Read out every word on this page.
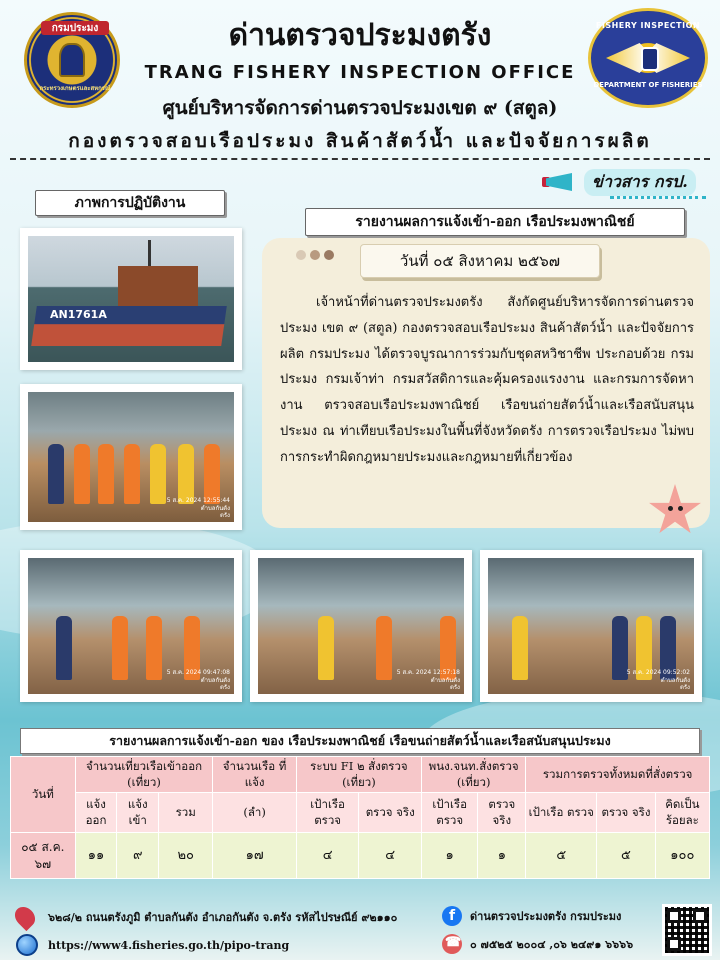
กรมประมง
กระทรวงเกษตรและสหกรณ์
ด่านตรวจประมงตรัง
TRANG FISHERY INSPECTION OFFICE
FISHERY INSPECTION
DEPARTMENT OF FISHERIES
ศูนย์บริหารจัดการด่านตรวจประมงเขต ๙ (สตูล)
กองตรวจสอบเรือประมง สินค้าสัตว์น้ำ และปัจจัยการผลิต
ข่าวสาร กรป.
ภาพการปฏิบัติงาน
รายงานผลการแจ้งเข้า-ออก เรือประมงพาณิชย์
AN1761A
5 ส.ค. 2024 12:55:44
ตำบลกันตัง
ตรัง
5 ส.ค. 2024 09:47:08
ตำบลกันตัง
ตรัง
5 ส.ค. 2024 12:57:18
ตำบลกันตัง
ตรัง
5 ส.ค. 2024 09:52:02
ตำบลกันตัง
ตรัง
วันที่ ๐๕ สิงหาคม ๒๕๖๗
เจ้าหน้าที่ด่านตรวจประมงตรัง สังกัดศูนย์บริหารจัดการด่านตรวจประมง เขต ๙ (สตูล) กองตรวจสอบเรือประมง สินค้าสัตว์น้ำ และปัจจัยการผลิต กรมประมง ได้ตรวจบูรณาการร่วมกับชุดสหวิชาชีพ ประกอบด้วย กรมประมง กรมเจ้าท่า กรมสวัสดิการและคุ้มครองแรงงาน และกรมการจัดหางาน ตรวจสอบเรือประมงพาณิชย์ เรือขนถ่ายสัตว์น้ำและเรือสนับสนุนประมง ณ ท่าเทียบเรือประมงในพื้นที่จังหวัดตรัง การตรวจเรือประมง ไม่พบการกระทำผิดกฎหมายประมงและกฎหมายที่เกี่ยวข้อง
รายงานผลการแจ้งเข้า-ออก ของ เรือประมงพาณิชย์ เรือขนถ่ายสัตว์น้ำและเรือสนับสนุนประมง
วันที่	จำนวนเที่ยวเรือเข้าออก (เที่ยว)			จำนวนเรือ ที่แจ้ง	ระบบ FI ๒ สั่งตรวจ (เที่ยว)		พนง.จนท.สั่งตรวจ (เที่ยว)		รวมการตรวจทั้งหมดที่สั่งตรวจ		
	แจ้ง ออก	แจ้ง เข้า	รวม	(ลำ)	เป้าเรือ ตรวจ	ตรวจ จริง	เป้าเรือ ตรวจ	ตรวจ จริง	เป้าเรือ ตรวจ	ตรวจ จริง	คิดเป็น ร้อยละ
๐๕ ส.ค. ๖๗	๑๑	๙	๒๐	๑๗	๔	๔	๑	๑	๕	๕	๑๐๐
๖๒๘/๒ ถนนตรังภูมิ ตำบลกันตัง อำเภอกันตัง จ.ตรัง รหัสไปรษณีย์ ๙๒๑๑๐
https://www4.fisheries.go.th/pipo-trang
f	ด่านตรวจประมงตรัง กรมประมง
☎
๐ ๗๕๒๕ ๒๐๐๔ ,๐๖ ๒๔๙๑ ๖๖๖๖
